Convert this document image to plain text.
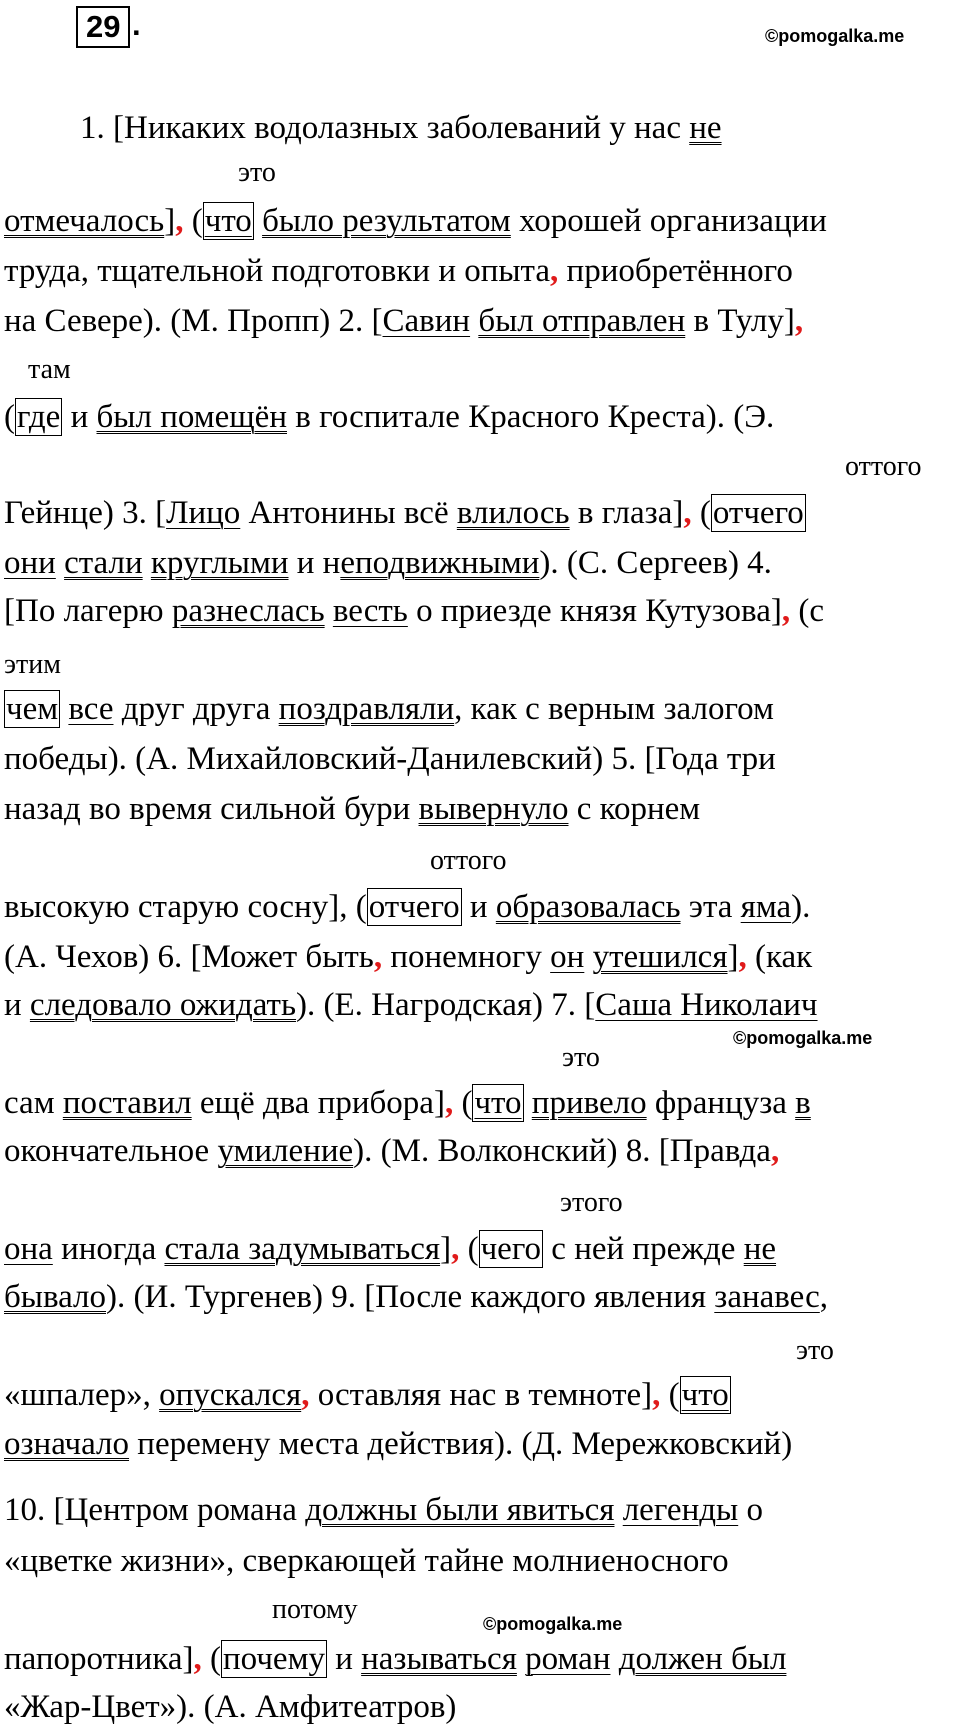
29 .	©pomogalka.me
©pomogalka.me
©pomogalka.me
это
там
оттого
этим
оттого
это
этого
это
потому
1. [Никаких водолазных заболеваний у нас не
отмечалось], (что было результатом хорошей организации
труда, тщательной подготовки и опыта, приобретённого
на Севере). (М. Пропп) 2. [Савин был отправлен в Тулу],
(где и был помещён в госпитале Красного Креста). (Э.
Гейнце) 3. [Лицо Антонины всё влилось в глаза], (отчего
они стали круглыми и неподвижными). (С. Сергеев) 4.
[По лагерю разнеслась весть о приезде князя Кутузова], (с
чем все друг друга поздравляли, как с верным залогом
победы). (А. Михайловский-Данилевский) 5. [Года три
назад во время сильной бури вывернуло с корнем
высокую старую сосну], (отчего и образовалась эта яма).
(А. Чехов) 6. [Может быть, понемногу он утешился], (как
и следовало ожидать). (Е. Нагродская) 7. [Саша Николаич
сам поставил ещё два прибора], (что привело француза в
окончательное умиление). (М. Волконский) 8. [Правда,
она иногда стала задумываться], (чего с ней прежде не
бывало). (И. Тургенев) 9. [После каждого явления занавес,
«шпалер», опускался, оставляя нас в темноте], (что
означало перемену места действия). (Д. Мережковский)
10. [Центром романа должны были явиться легенды о
«цветке жизни», сверкающей тайне молниеносного
папоротника], (почему и называться роман должен был
«Жар-Цвет»). (А. Амфитеатров)
